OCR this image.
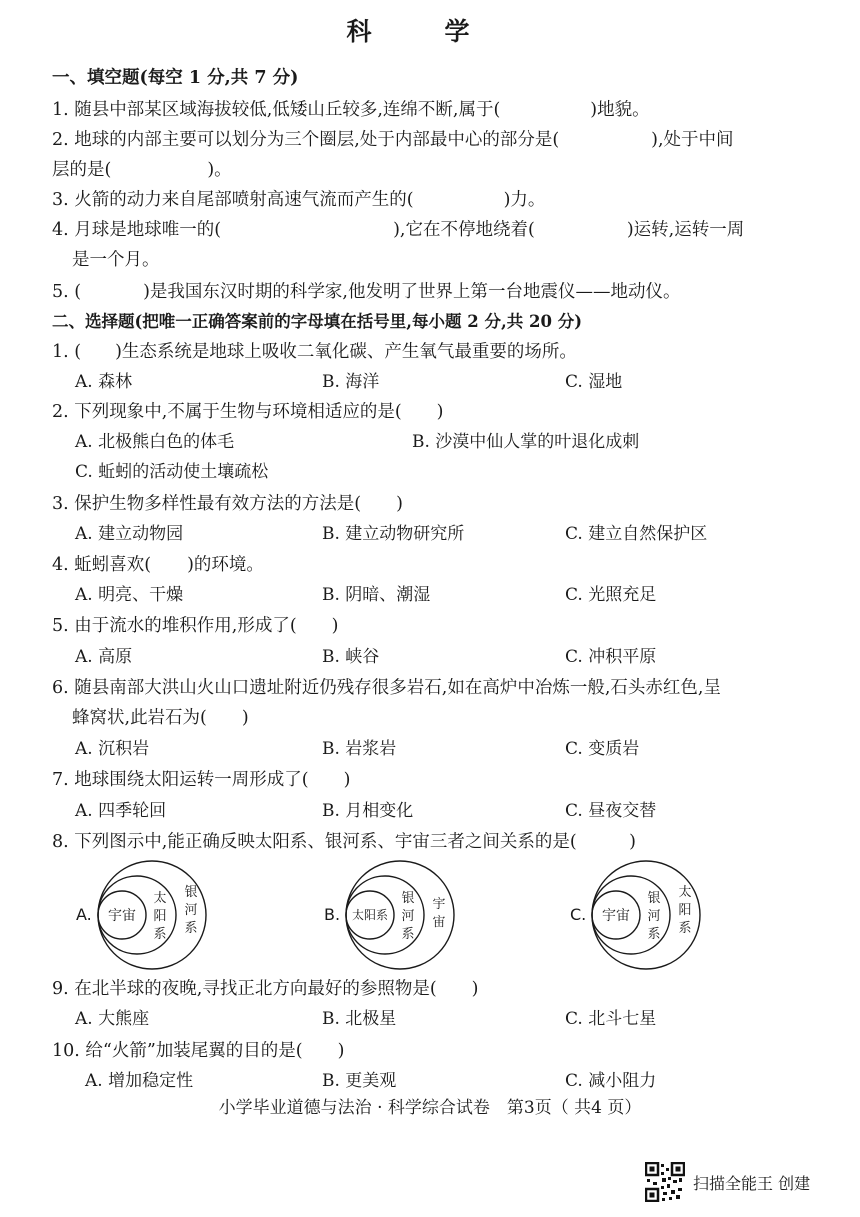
科　学
一、填空题(每空 1 分,共 7 分)
1. 随县中部某区域海拔较低,低矮山丘较多,连绵不断,属于(	)地貌。
2. 地球的内部主要可以划分为三个圈层,处于内部最中心的部分是(	),处于中间
层的是(	)。
3. 火箭的动力来自尾部喷射高速气流而产生的(	)力。
4. 月球是地球唯一的(	),它在不停地绕着(	)运转,运转一周
是一个月。
5. (	)是我国东汉时期的科学家,他发明了世界上第一台地震仪——地动仪。
二、选择题(把唯一正确答案前的字母填在括号里,每小题 2 分,共 20 分)
1. ( )生态系统是地球上吸收二氧化碳、产生氧气最重要的场所。
A. 森林	B. 海洋	C. 湿地
2. 下列现象中,不属于生物与环境相适应的是(　　)
A. 北极熊白色的体毛	B. 沙漠中仙人掌的叶退化成刺
C. 蚯蚓的活动使土壤疏松
3. 保护生物多样性最有效方法的方法是(　　)
A. 建立动物园	B. 建立动物研究所	C. 建立自然保护区
4. 蚯蚓喜欢( )的环境。
A. 明亮、干燥	B. 阴暗、潮湿	C. 光照充足
5. 由于流水的堆积作用,形成了(　　)
A. 高原	B. 峡谷	C. 冲积平原
6. 随县南部大洪山火山口遗址附近仍残存很多岩石,如在高炉中冶炼一般,石头赤红色,呈
蜂窝状,此岩石为(　　)
A. 沉积岩	B. 岩浆岩	C. 变质岩
7. 地球围绕太阳运转一周形成了(　　)
A. 四季轮回	B. 月相变化	C. 昼夜交替
8. 下列图示中,能正确反映太阳系、银河系、宇宙三者之间关系的是(　　　)
A. 宇宙
太
阳
系
银
河
系
B. 太阳系
银
河
系
宇
宙	C. 宇宙
银
河
系
太
阳
系
9. 在北半球的夜晚,寻找正北方向最好的参照物是(　　)
A. 大熊座	B. 北极星	C. 北斗七星
10. 给“火箭”加装尾翼的目的是(　　)
A. 增加稳定性	B. 更美观	C. 减小阻力
小学毕业道德与法治 · 科学综合试卷　第3页（ 共4 页）
扫描全能王 创建
